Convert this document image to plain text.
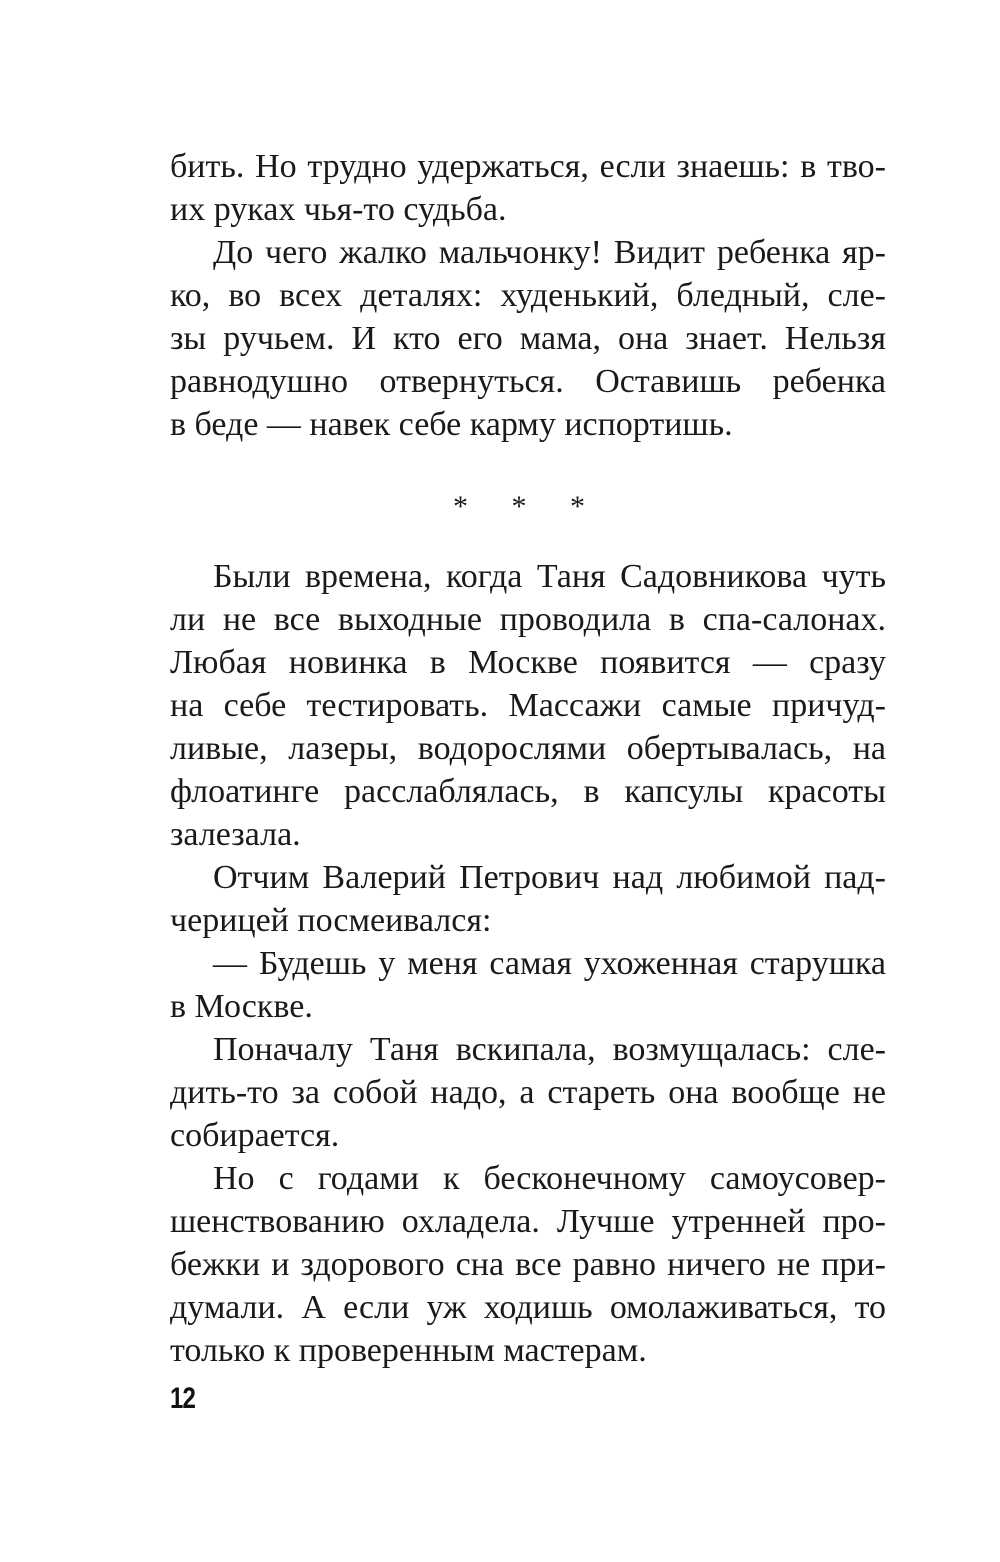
бить. Но трудно удержаться, если знаешь: в тво-
их руках чья-то судьба.
До чего жалко мальчонку! Видит ребенка яр-
ко, во всех деталях: худенький, бледный, сле-
зы ручьем. И кто его мама, она знает. Нельзя
равнодушно отвернуться. Оставишь ребенка
в беде — навек себе карму испортишь.
* * *
Были времена, когда Таня Садовникова чуть
ли не все выходные проводила в спа-салонах.
Любая новинка в Москве появится — сразу
на себе тестировать. Массажи самые причуд-
ливые, лазеры, водорослями обертывалась, на
флоатинге расслаблялась, в капсулы красоты
залезала.
Отчим Валерий Петрович над любимой пад-
черицей посмеивался:
— Будешь у меня самая ухоженная старушка
в Москве.
Поначалу Таня вскипала, возмущалась: сле-
дить-то за собой надо, а стареть она вообще не
собирается.
Но с годами к бесконечному самоусовер-
шенствованию охладела. Лучше утренней про-
бежки и здорового сна все равно ничего не при-
думали. А если уж ходишь омолаживаться, то
только к проверенным мастерам.
12
